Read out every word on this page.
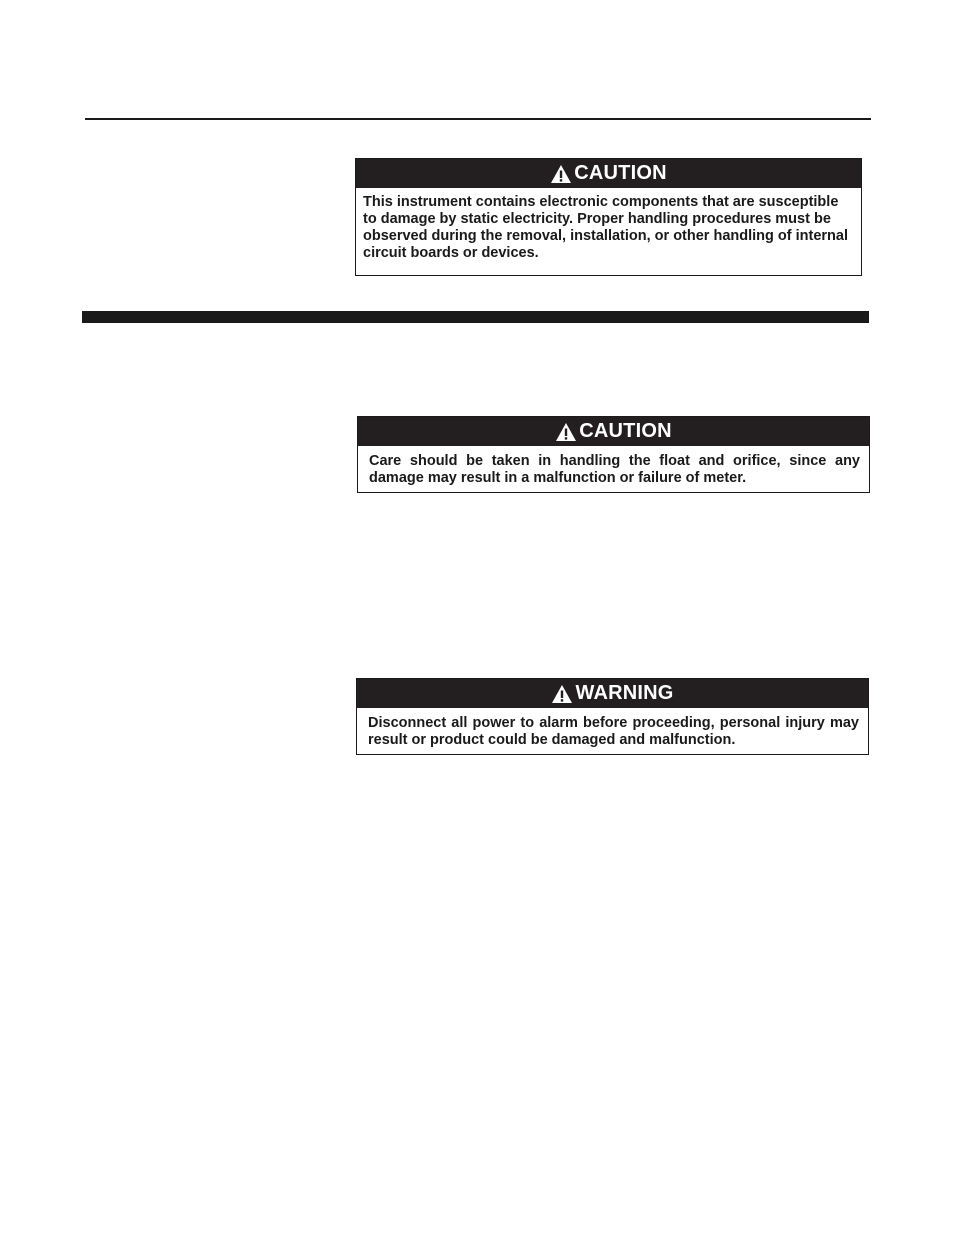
CAUTION
This instrument contains electronic components that are susceptible to damage by static electricity. Proper handling procedures must be observed during the removal, installation, or other handling of internal circuit boards or devices.
CAUTION
Care should be taken in handling the float and orifice, since any damage may result in a malfunction or failure of meter.
WARNING
Disconnect all power to alarm before proceeding, personal injury may result or product could be damaged and malfunction.
